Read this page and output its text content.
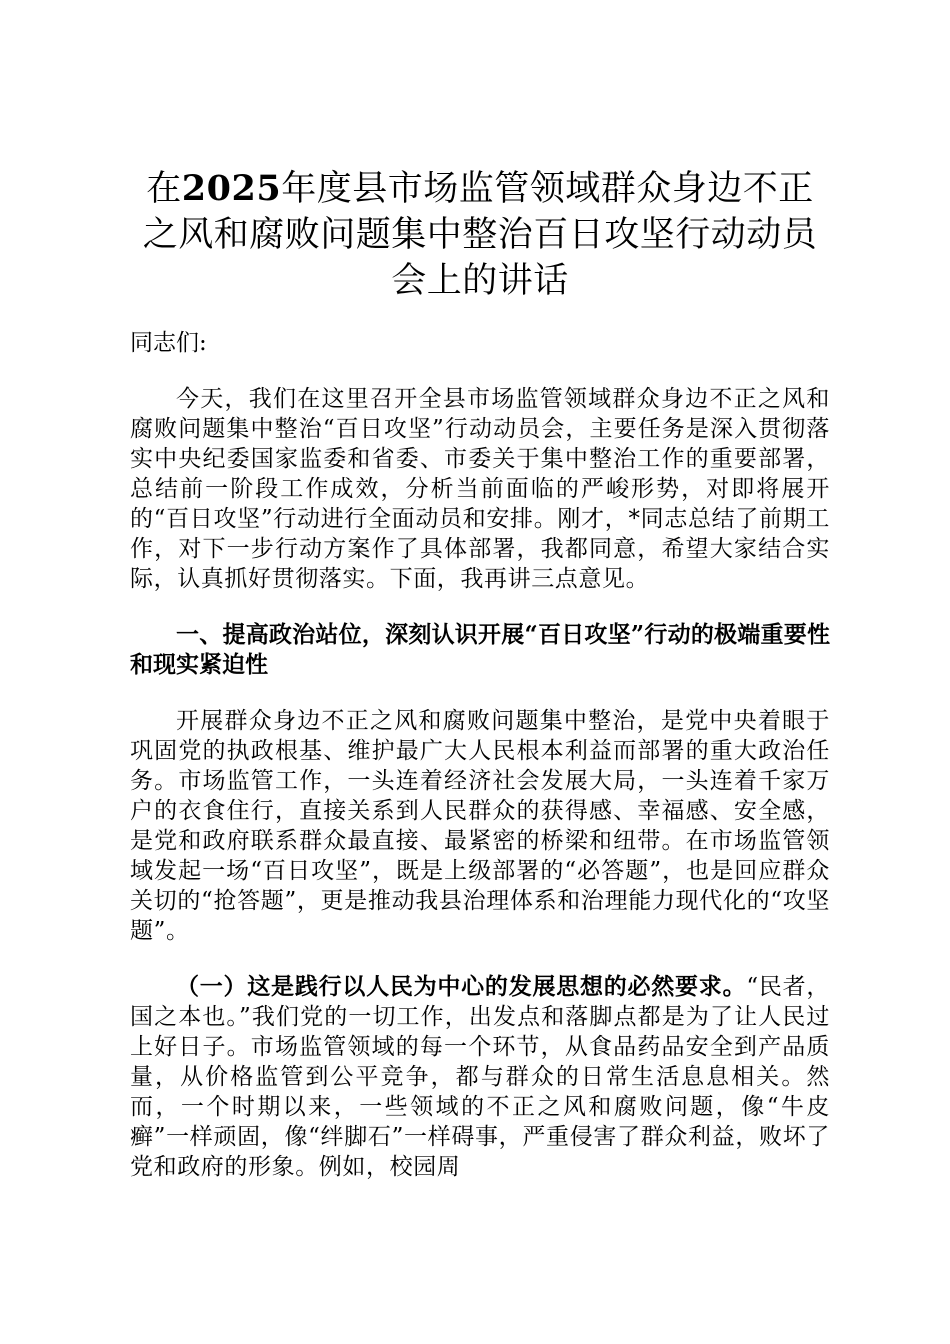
在2025年度县市场监管领域群众身边不正之风和腐败问题集中整治百日攻坚行动动员会上的讲话

同志们:

今天，我们在这里召开全县市场监管领域群众身边不正之风和腐败问题集中整治“百日攻坚”行动动员会，主要任务是深入贯彻落实中央纪委国家监委和省委、市委关于集中整治工作的重要部署，总结前一阶段工作成效，分析当前面临的严峻形势，对即将展开的“百日攻坚”行动进行全面动员和安排。刚才，*同志总结了前期工作，对下一步行动方案作了具体部署，我都同意，希望大家结合实际，认真抓好贯彻落实。下面，我再讲三点意见。

一、提高政治站位，深刻认识开展“百日攻坚”行动的极端重要性和现实紧迫性

开展群众身边不正之风和腐败问题集中整治，是党中央着眼于巩固党的执政根基、维护最广大人民根本利益而部署的重大政治任务。市场监管工作，一头连着经济社会发展大局，一头连着千家万户的衣食住行，直接关系到人民群众的获得感、幸福感、安全感，是党和政府联系群众最直接、最紧密的桥梁和纽带。在市场监管领域发起一场“百日攻坚”，既是上级部署的“必答题”，也是回应群众关切的“抢答题”，更是推动我县治理体系和治理能力现代化的“攻坚题”。

（一）这是践行以人民为中心的发展思想的必然要求。“民者，国之本也。”我们党的一切工作，出发点和落脚点都是为了让人民过上好日子。市场监管领域的每一个环节，从食品药品安全到产品质量，从价格监管到公平竞争，都与群众的日常生活息息相关。然而，一个时期以来，一些领域的不正之风和腐败问题，像“牛皮癣”一样顽固，像“绊脚石”一样碍事，严重侵害了群众利益，败坏了党和政府的形象。例如，校园周
